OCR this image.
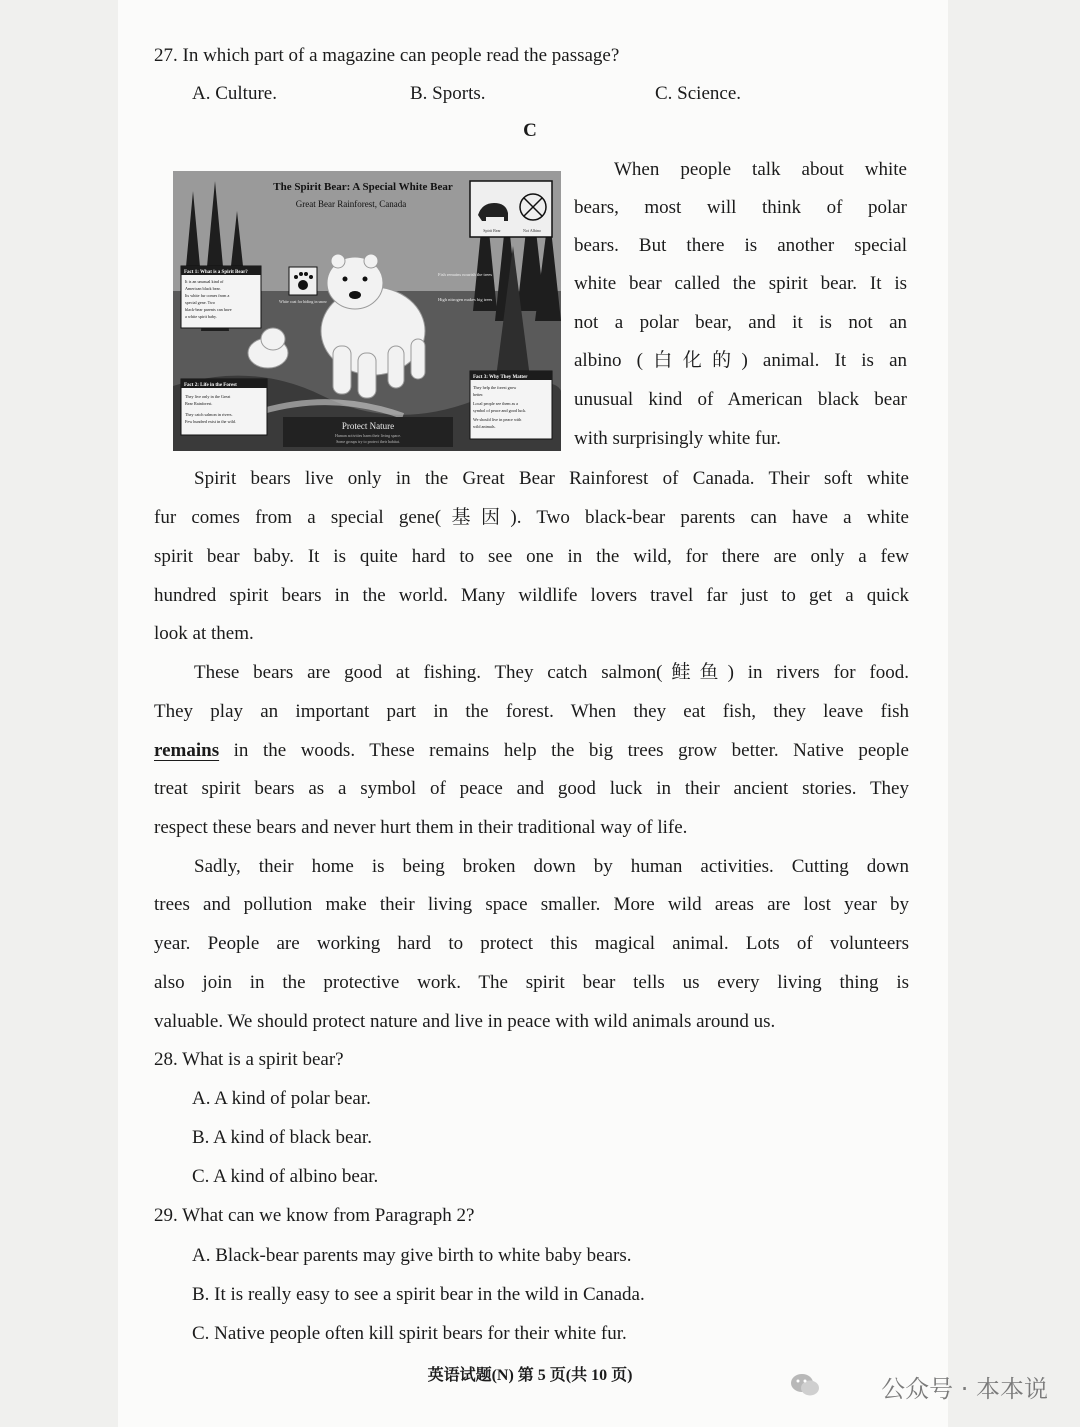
27. In which part of a magazine can people read the passage?
A. Culture.	B. Sports.	C. Science.
C
The Spirit Bear: A Special White Bear
Great Bear Rainforest, Canada
Spirit Bear	Not Albino
White coat for hiding in snow
Fish remains nourish the trees
High nitrogen makes big trees
Fact 1: What is a Spirit Bear?
It is an unusual kind of
American black bear.
Its white fur comes from a
special gene. Two
black-bear parents can have
a white spirit baby.
Fact 2: Life in the Forest
They live only in the Great
Bear Rainforest.
They catch salmon in rivers.
Few hundred exist in the wild.
Fact 3: Why They Matter
They help the forest grow
better.
Local people see them as a
symbol of peace and good luck.
We should live in peace with
wild animals.
Protect Nature
Human activities harm their living space.
Some groups try to protect their habitat.
When people talk about white
bears, most will think of polar
bears. But there is another special
white bear called the spirit bear. It is
not a polar bear, and it is not an
albino (白化的) animal. It is an
unusual kind of American black bear
with surprisingly white fur.
Spirit bears live only in the Great Bear Rainforest of Canada. Their soft white
fur comes from a special gene(基因). Two black-bear parents can have a white
spirit bear baby. It is quite hard to see one in the wild, for there are only a few
hundred spirit bears in the world. Many wildlife lovers travel far just to get a quick
look at them.
These bears are good at fishing. They catch salmon(鲑鱼) in rivers for food.
They play an important part in the forest. When they eat fish, they leave fish
remains in the woods. These remains help the big trees grow better. Native people
treat spirit bears as a symbol of peace and good luck in their ancient stories. They
respect these bears and never hurt them in their traditional way of life.
Sadly, their home is being broken down by human activities. Cutting down
trees and pollution make their living space smaller. More wild areas are lost year by
year. People are working hard to protect this magical animal. Lots of volunteers
also join in the protective work. The spirit bear tells us every living thing is
valuable. We should protect nature and live in peace with wild animals around us.
28. What is a spirit bear?
A. A kind of polar bear.
B. A kind of black bear.
C. A kind of albino bear.
29. What can we know from Paragraph 2?
A. Black-bear parents may give birth to white baby bears.
B. It is really easy to see a spirit bear in the wild in Canada.
C. Native people often kill spirit bears for their white fur.
英语试题(N) 第 5 页(共 10 页)	公众号 · 本本说
